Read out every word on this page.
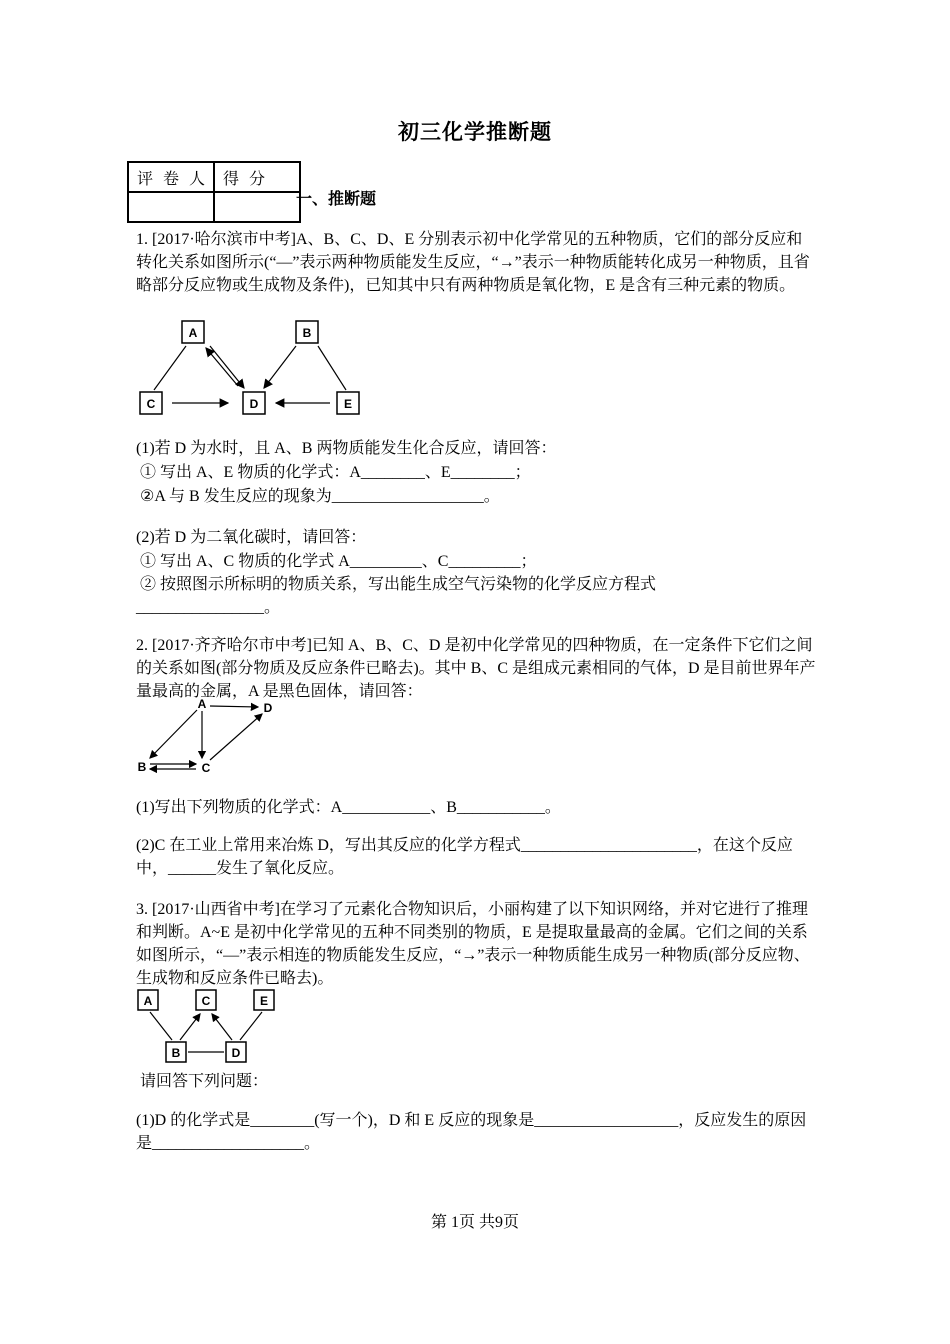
初三化学推断题
评 卷 人	得 分

一、推断题
1. [2017·哈尔滨市中考]A、B、C、D、E 分别表示初中化学常见的五种物质，它们的部分反应和转化关系如图所示(“—”表示两种物质能发生反应，“→”表示一种物质能转化成另一种物质，且省略部分反应物或生成物及条件)，已知其中只有两种物质是氧化物，E 是含有三种元素的物质。
A	B
C	D	E
(1)若 D 为水时，且 A、B 两物质能发生化合反应，请回答：
① 写出 A、E 物质的化学式：A________、E________；
②A 与 B 发生反应的现象为___________________。
(2)若 D 为二氧化碳时，请回答：
① 写出 A、C 物质的化学式 A_________、C_________；
② 按照图示所标明的物质关系，写出能生成空气污染物的化学反应方程式
________________。
2. [2017·齐齐哈尔市中考]已知 A、B、C、D 是初中化学常见的四种物质，在一定条件下它们之间的关系如图(部分物质及反应条件已略去)。其中 B、C 是组成元素相同的气体，D 是目前世界年产量最高的金属，A 是黑色固体，请回答：
A
B	C
D
(1)写出下列物质的化学式：A___________、B___________。
(2)C 在工业上常用来冶炼 D，写出其反应的化学方程式______________________，在这个反应中，______发生了氧化反应。
3. [2017·山西省中考]在学习了元素化合物知识后，小丽构建了以下知识网络，并对它进行了推理和判断。A~E 是初中化学常见的五种不同类别的物质，E 是提取量最高的金属。它们之间的关系如图所示，“—”表示相连的物质能发生反应，“→”表示一种物质能生成另一种物质(部分反应物、生成物和反应条件已略去)。
A	C	E
B	D
请回答下列问题：
(1)D 的化学式是________(写一个)，D 和 E 反应的现象是__________________，反应发生的原因是___________________。
第 1页 共9页
